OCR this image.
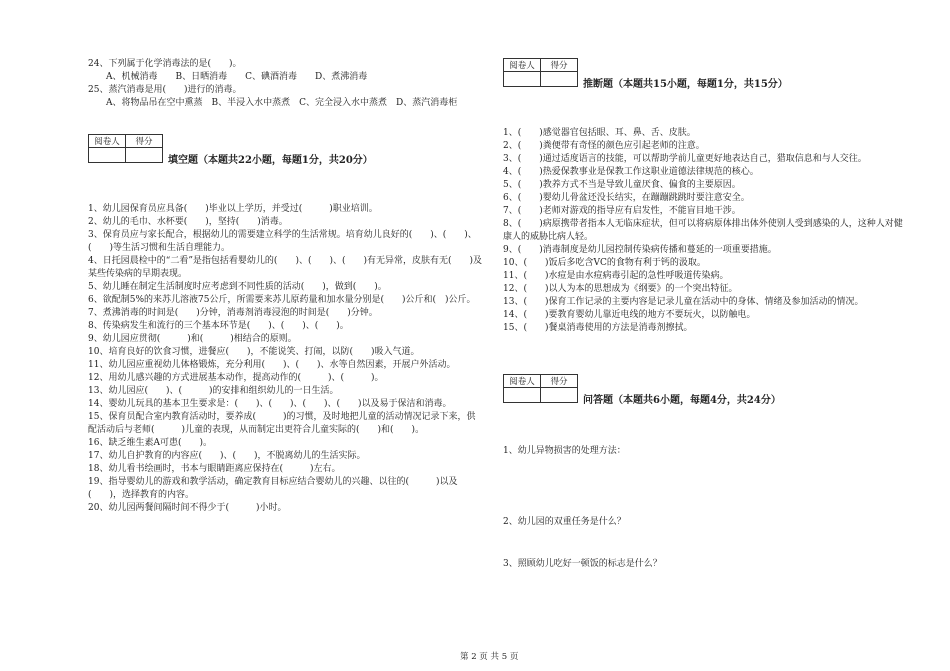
24、下列属于化学消毒法的是(　　)。
A、机械消毒　　B、日晒消毒　　C、碘酒消毒　　D、煮沸消毒
25、蒸汽消毒是用(　　)进行的消毒。
A、将物品吊在空中熏蒸　B、半浸入水中蒸煮　C、完全浸入水中蒸煮　D、蒸汽消毒柜
阅卷人	得分

填空题（本题共22小题，每题1分，共20分）
1、幼儿园保育员应具备(　　)毕业以上学历，并受过(　　　)职业培训。
2、幼儿的毛巾、水杯要(　　)，坚持(　　)消毒。
3、保育员应与家长配合，根据幼儿的需要建立科学的生活常规。培育幼儿良好的(　　)、(　　)、(　　)等生活习惯和生活自理能力。
4、日托园晨检中的“二看”是指包括看婴幼儿的(　　)、(　　)、(　　)有无异常，皮肤有无(　　)及某些传染病的早期表现。
5、幼儿睡在制定生活制度时应考虑到不同性质的活动(　　)，做到(　　)。
6、欲配制5%的来苏儿溶液75公斤，所需要来苏儿原药量和加水量分别是(　　)公斤和(　)公斤。
7、煮沸消毒的时间是(　　)分钟，消毒剂消毒浸泡的时间是(　　)分钟。
8、传染病发生和流行的三个基本环节是(　　)、(　　)、(　　)。
9、幼儿园应贯彻(　　　)和(　　　)相结合的原则。
10、培育良好的饮食习惯，进餐应(　　)，不能说笑、打闹，以防(　　)吸入气道。
11、幼儿园应重视幼儿体格锻炼，充分利用(　　)、(　　)、水等自然因素，开展户外活动。
12、用幼儿感兴趣的方式进展基本动作，提高动作的(　　　)、(　　　)。
13、幼儿园应(　　)、(　　　)的安排和组织幼儿的一日生活。
14、婴幼儿玩具的基本卫生要求是：(　　)、(　　)、(　　)、(　　)以及易于保洁和消毒。
15、保育员配合室内教育活动时，要养成(　　　)的习惯，及时地把儿童的活动情况记录下来，供配活动后与老师(　　　)儿童的表现，从而制定出更符合儿童实际的(　　)和(　　)。
16、缺乏维生素A可患(　　)。
17、幼儿自护教育的内容应(　　)、(　　)，不脱离幼儿的生活实际。
18、幼儿看书绘画时，书本与眼睛距离应保持在(　　　)左右。
19、指导婴幼儿的游戏和教学活动，确定教育目标应结合婴幼儿的兴趣、以往的(　　　)以及(　　)，选择教育的内容。
20、幼儿园两餐间隔时间不得少于(　　　)小时。
阅卷人	得分

推断题（本题共15小题，每题1分，共15分）
1、(　　)感觉器官包括眼、耳、鼻、舌、皮肤。
2、(　　)粪便带有奇怪的颜色应引起老师的注意。
3、(　　)通过适度语言的技能，可以帮助学前儿童更好地表达自己，猎取信息和与人交往。
4、(　　)热爱保教事业是保教工作这职业道德法律规范的核心。
5、(　　)教养方式不当是导致儿童厌食、偏食的主要原因。
6、(　　)婴幼儿骨盆还没长结实，在蹦蹦跳跳时要注意安全。
7、(　　)老师对游戏的指导应有启发性，不能盲目地干涉。
8、(　　)病原携带者指本人无临床症状，但可以将病原体排出体外使别人受到感染的人，这种人对健康人的威胁比病人轻。
9、(　　)消毒制度是幼儿园控制传染病传播和蔓延的一项重要措施。
10、(　　)饭后多吃含VC的食物有利于钙的汲取。
11、(　　)水痘是由水痘病毒引起的急性呼吸道传染病。
12、(　　)以人为本的思想成为《纲要》的一个突出特征。
13、(　　)保育工作记录的主要内容是记录儿童在活动中的身体、情绪及参加活动的情况。
14、(　　)要教育婴幼儿靠近电线的地方不要玩火，以防触电。
15、(　　)餐桌消毒使用的方法是消毒剂擦拭。
阅卷人	得分

问答题（本题共6小题，每题4分，共24分）
1、幼儿异物损害的处理方法：
2、幼儿园的双重任务是什么？
3、照顾幼儿吃好一顿饭的标志是什么？
第 2 页 共 5 页
